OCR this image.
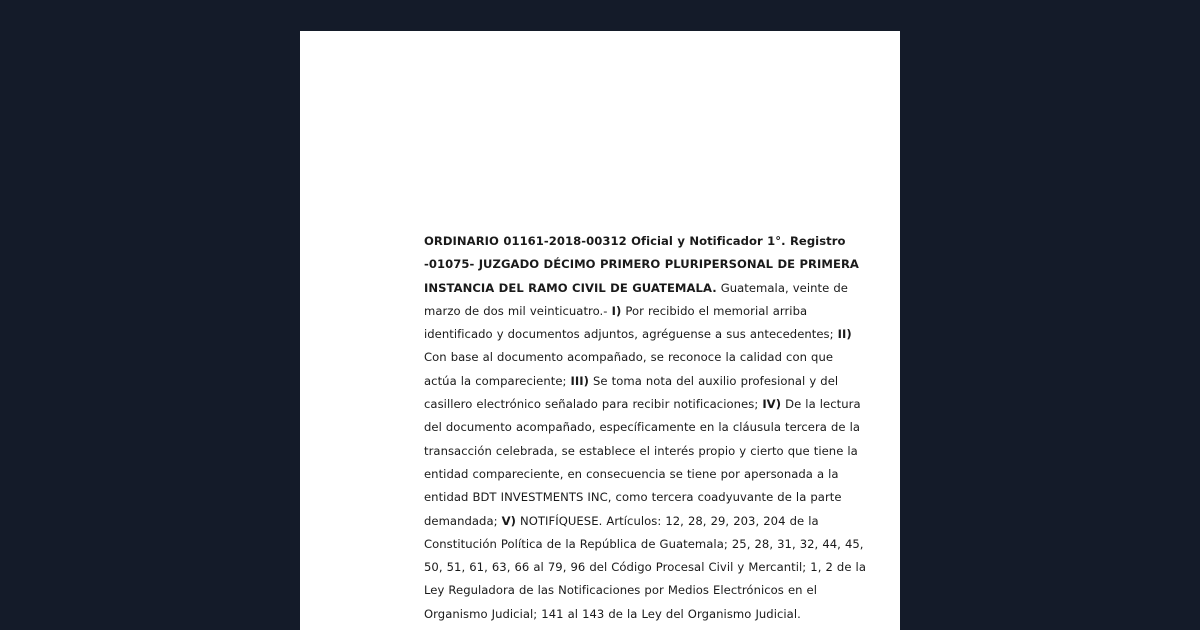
ORDINARIO 01161-2018-00312 Oficial y Notificador 1°. Registro -01075- JUZGADO DÉCIMO PRIMERO PLURIPERSONAL DE PRIMERA INSTANCIA DEL RAMO CIVIL DE GUATEMALA. Guatemala, veinte de marzo de dos mil veinticuatro.- I) Por recibido el memorial arriba identificado y documentos adjuntos, agréguense a sus antecedentes; II) Con base al documento acompañado, se reconoce la calidad con que actúa la compareciente; III) Se toma nota del auxilio profesional y del casillero electrónico señalado para recibir notificaciones; IV) De la lectura del documento acompañado, específicamente en la cláusula tercera de la transacción celebrada, se establece el interés propio y cierto que tiene la entidad compareciente, en consecuencia se tiene por apersonada a la entidad BDT INVESTMENTS INC, como tercera coadyuvante de la parte demandada; V) NOTIFÍQUESE. Artículos: 12, 28, 29, 203, 204 de la Constitución Política de la República de Guatemala; 25, 28, 31, 32, 44, 45, 50, 51, 61, 63, 66 al 79, 96 del Código Procesal Civil y Mercantil; 1, 2 de la Ley Reguladora de las Notificaciones por Medios Electrónicos en el Organismo Judicial; 141 al 143 de la Ley del Organismo Judicial.
